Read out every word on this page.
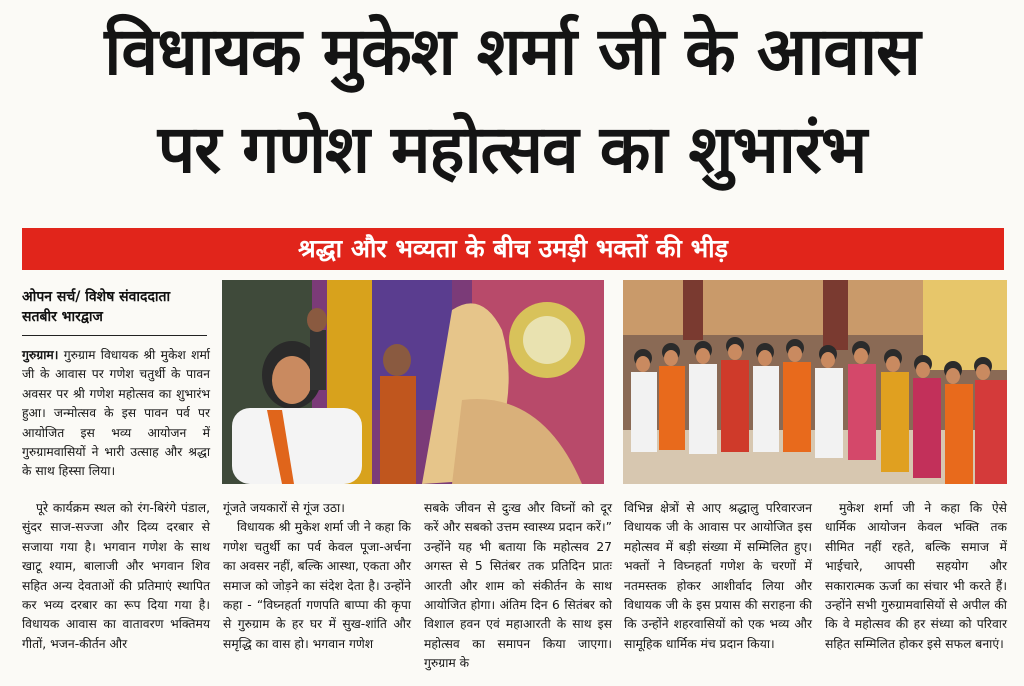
विधायक मुकेश शर्मा जी के आवास
पर गणेश महोत्सव का शुभारंभ
श्रद्धा और भव्यता के बीच उमड़ी भक्तों की भीड़
ओपन सर्च/ विशेष संवाददाता
सतबीर भारद्वाज

गुरुग्राम। गुरुग्राम विधायक श्री मुकेश शर्मा जी के आवास पर गणेश चतुर्थी के पावन अवसर पर श्री गणेश महोत्सव का शुभारंभ हुआ। जन्मोत्सव के इस पावन पर्व पर आयोजित इस भव्य आयोजन में गुरुग्रामवासियों ने भारी उत्साह और श्रद्धा के साथ हिस्सा लिया।

पूरे कार्यक्रम स्थल को रंग-बिरंगे पंडाल, सुंदर साज-सज्जा और दिव्य दरबार से सजाया गया है। भगवान गणेश के साथ खाटू श्याम, बालाजी और भगवान शिव सहित अन्य देवताओं की प्रतिमाएं स्थापित कर भव्य दरबार का रूप दिया गया है। विधायक आवास का वातावरण भक्तिमय गीतों, भजन-कीर्तन और

गूंजते जयकारों से गूंज उठा।

विधायक श्री मुकेश शर्मा जी ने कहा कि गणेश चतुर्थी का पर्व केवल पूजा-अर्चना का अवसर नहीं, बल्कि आस्था, एकता और समाज को जोड़ने का संदेश देता है। उन्होंने कहा - “विघ्नहर्ता गणपति बाप्पा की कृपा से गुरुग्राम के हर घर में सुख-शांति और समृद्धि का वास हो। भगवान गणेश

सबके जीवन से दुःख और विघ्नों को दूर करें और सबको उत्तम स्वास्थ्य प्रदान करें।” उन्होंने यह भी बताया कि महोत्सव 27 अगस्त से 5 सितंबर तक प्रतिदिन प्रातः आरती और शाम को संकीर्तन के साथ आयोजित होगा। अंतिम दिन 6 सितंबर को विशाल हवन एवं महाआरती के साथ इस महोत्सव का समापन किया जाएगा। गुरुग्राम के

विभिन्न क्षेत्रों से आए श्रद्धालु परिवारजन विधायक जी के आवास पर आयोजित इस महोत्सव में बड़ी संख्या में सम्मिलित हुए। भक्तों ने विघ्नहर्ता गणेश के चरणों में नतमस्तक होकर आशीर्वाद लिया और विधायक जी के इस प्रयास की सराहना की कि उन्होंने शहरवासियों को एक भव्य और सामूहिक धार्मिक मंच प्रदान किया।

मुकेश शर्मा जी ने कहा कि ऐसे धार्मिक आयोजन केवल भक्ति तक सीमित नहीं रहते, बल्कि समाज में भाईचारे, आपसी सहयोग और सकारात्मक ऊर्जा का संचार भी करते हैं। उन्होंने सभी गुरुग्रामवासियों से अपील की कि वे महोत्सव की हर संध्या को परिवार सहित सम्मिलित होकर इसे सफल बनाएं।
